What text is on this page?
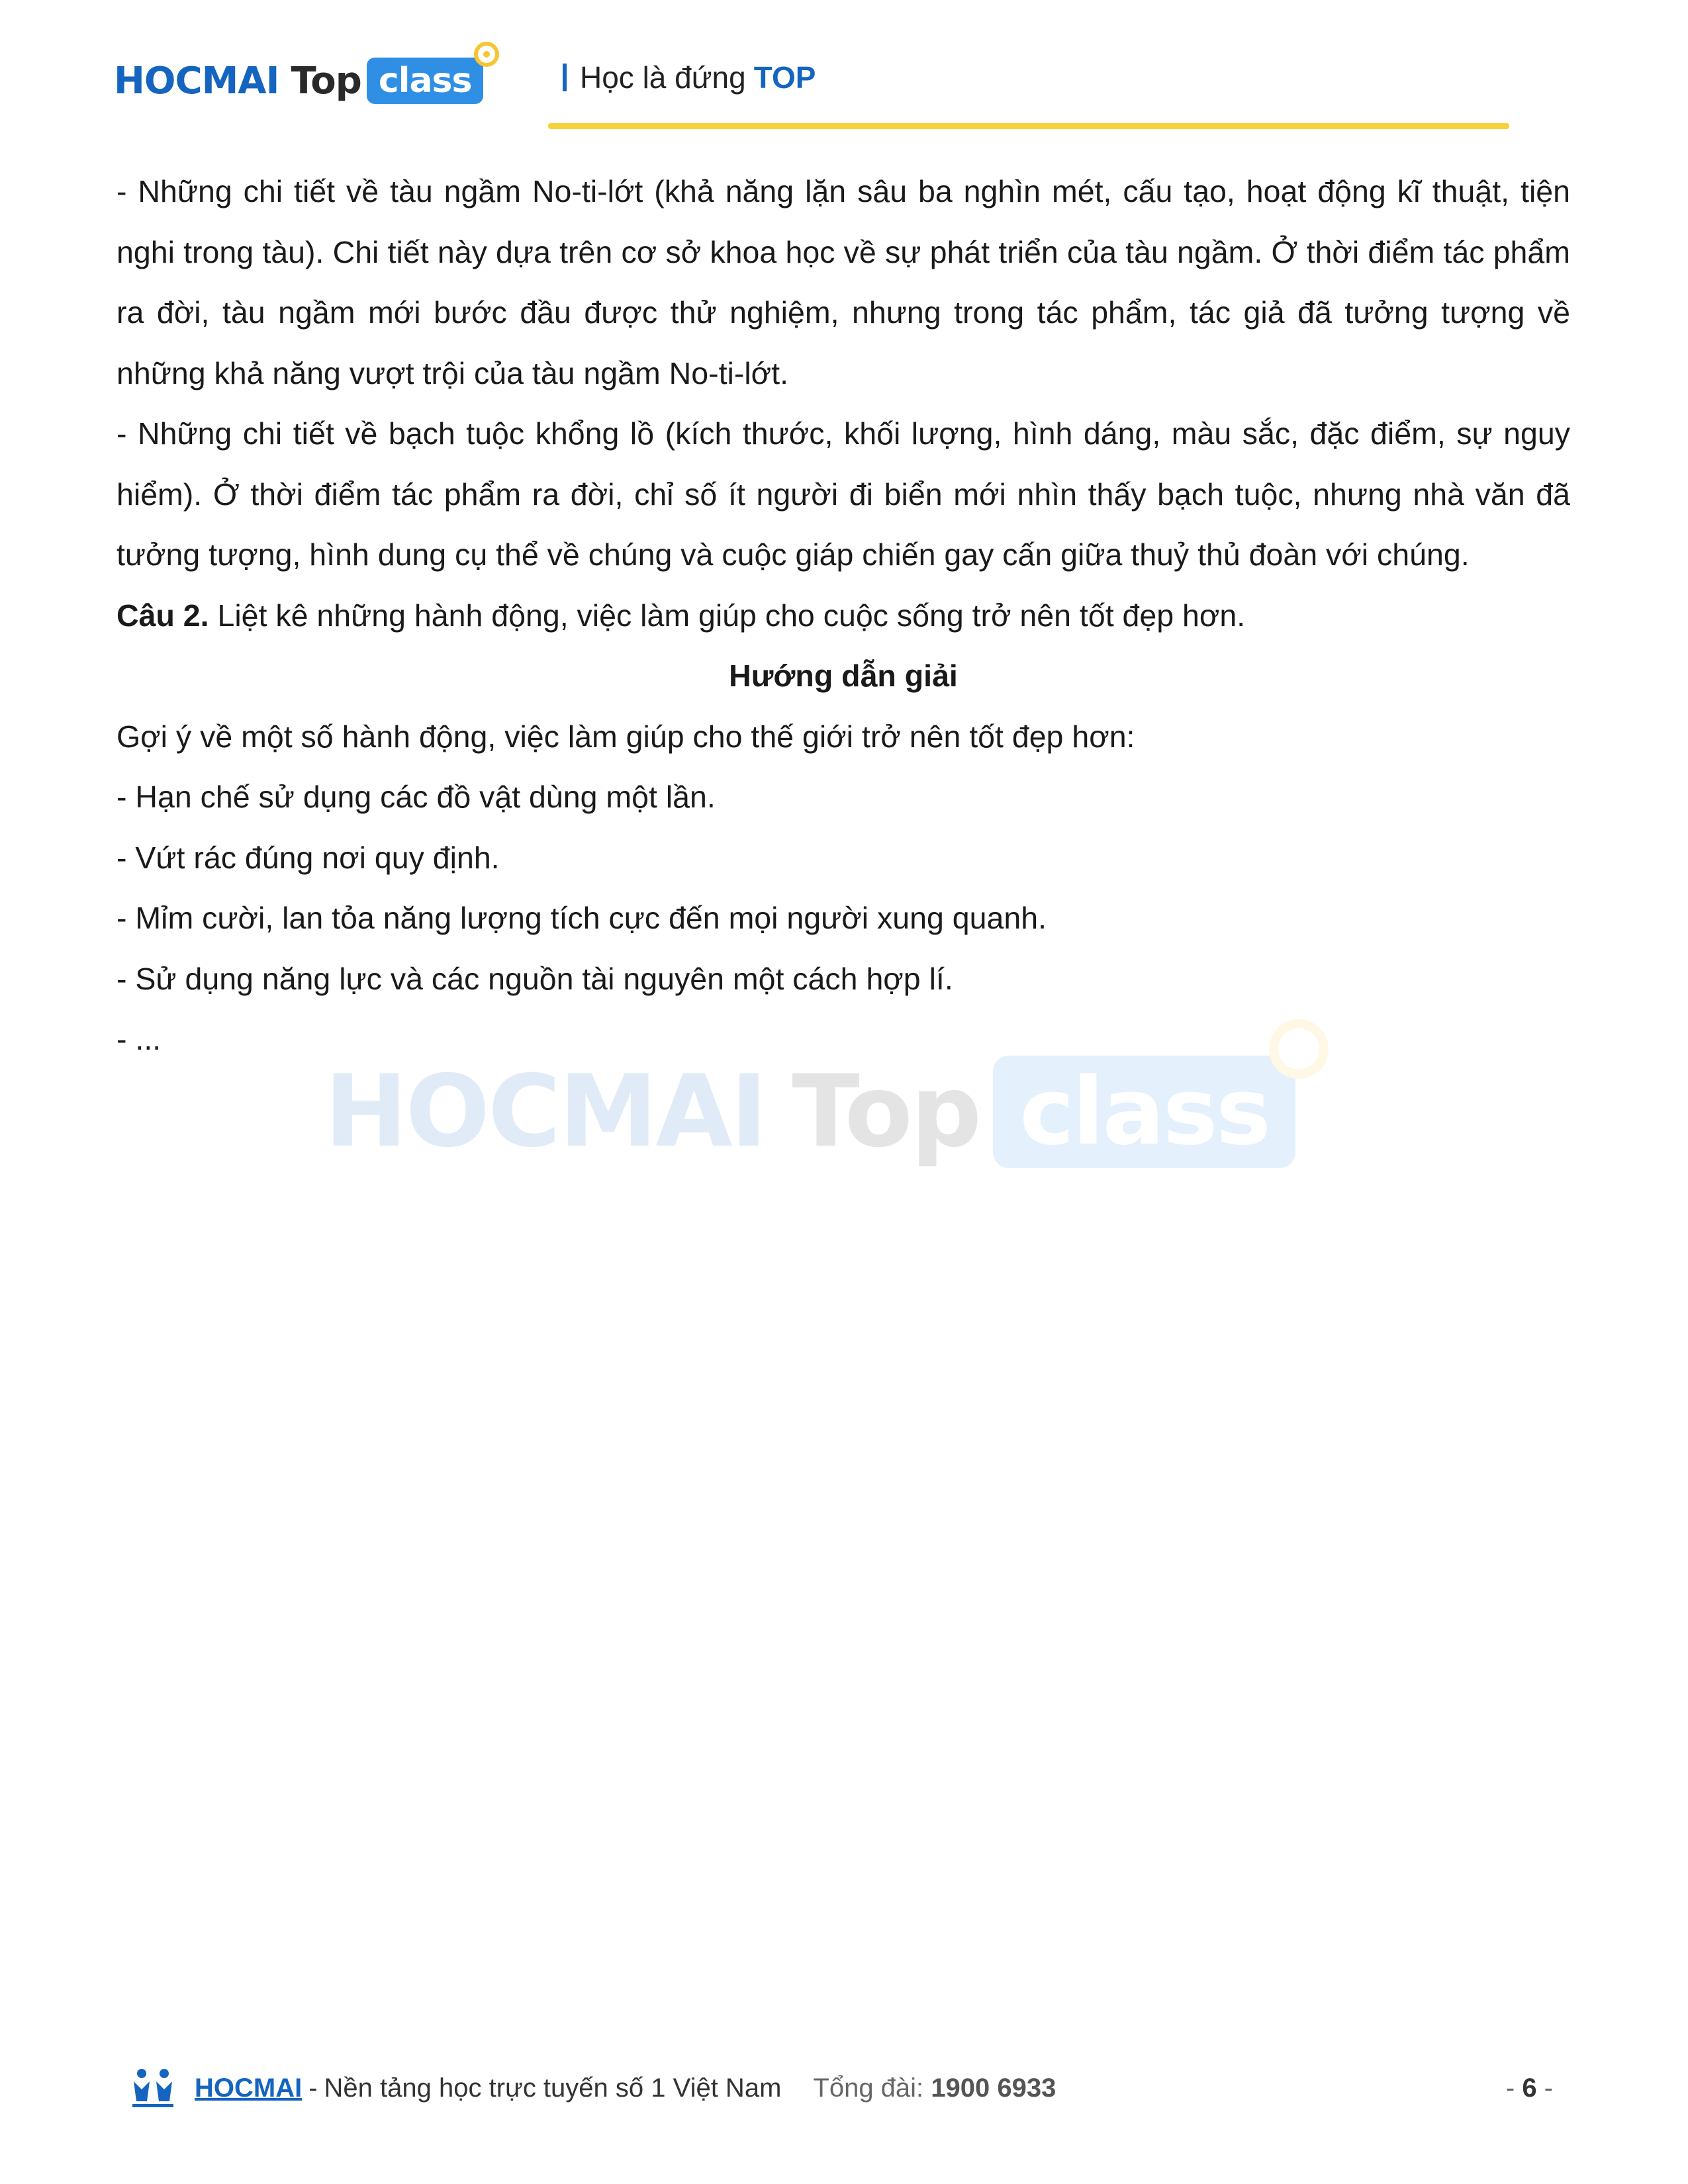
HOCMAI Top class	Học là đứng TOP
HOCMAI Top class

- Những chi tiết về tàu ngầm No-ti-lớt (khả năng lặn sâu ba nghìn mét, cấu tạo, hoạt động kĩ thuật, tiện nghi trong tàu). Chi tiết này dựa trên cơ sở khoa học về sự phát triển của tàu ngầm. Ở thời điểm tác phẩm ra đời, tàu ngầm mới bước đầu được thử nghiệm, nhưng trong tác phẩm, tác giả đã tưởng tượng về những khả năng vượt trội của tàu ngầm No-ti-lớt.

- Những chi tiết về bạch tuộc khổng lồ (kích thước, khối lượng, hình dáng, màu sắc, đặc điểm, sự nguy hiểm). Ở thời điểm tác phẩm ra đời, chỉ số ít người đi biển mới nhìn thấy bạch tuộc, nhưng nhà văn đã tưởng tượng, hình dung cụ thể về chúng và cuộc giáp chiến gay cấn giữa thuỷ thủ đoàn với chúng.

Câu 2. Liệt kê những hành động, việc làm giúp cho cuộc sống trở nên tốt đẹp hơn.

Hướng dẫn giải

Gợi ý về một số hành động, việc làm giúp cho thế giới trở nên tốt đẹp hơn:

- Hạn chế sử dụng các đồ vật dùng một lần.

- Vứt rác đúng nơi quy định.

- Mỉm cười, lan tỏa năng lượng tích cực đến mọi người xung quanh.

- Sử dụng năng lực và các nguồn tài nguyên một cách hợp lí.

- ...

HOCMAI - Nền tảng học trực tuyến số 1 Việt Nam Tổng đài: 1900 6933	- 6 -
